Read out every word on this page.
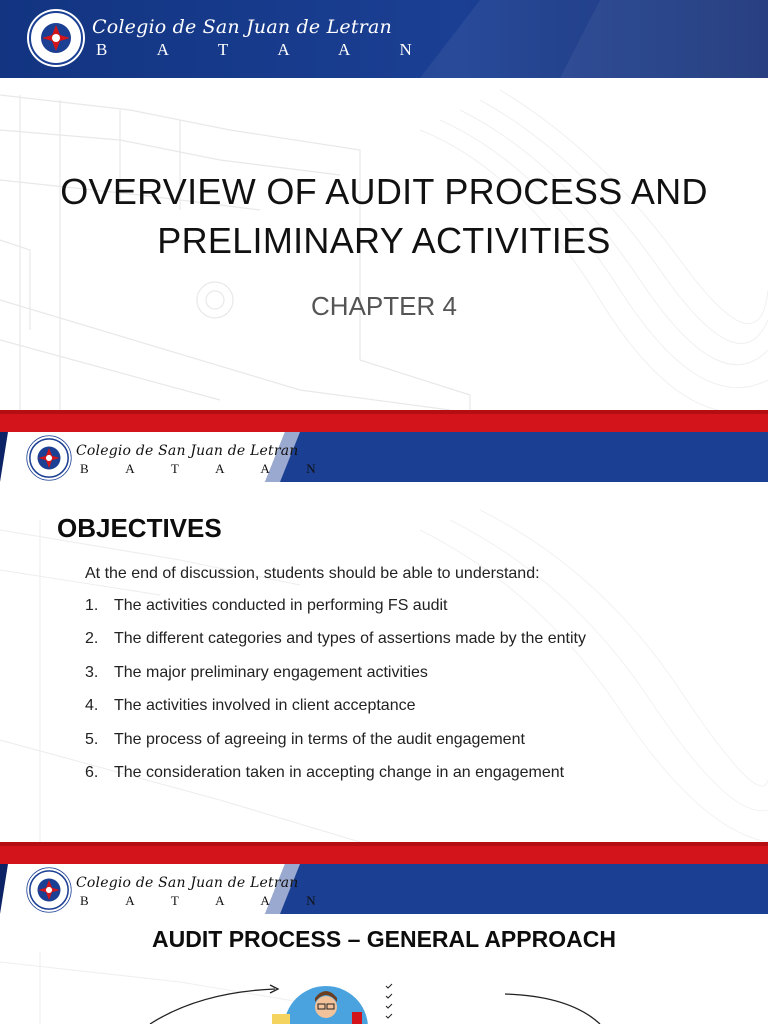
Colegio de San Juan de Letran
B A T A A N
OVERVIEW OF AUDIT PROCESS AND
PRELIMINARY ACTIVITIES
CHAPTER 4
Colegio de San Juan de Letran
B A T A A N
OBJECTIVES
At the end of discussion, students should be able to understand:
1. The activities conducted in performing FS audit
2. The different categories and types of assertions made by the entity
3. The major preliminary engagement activities
4. The activities involved in client acceptance
5. The process of agreeing in terms of the audit engagement
6. The consideration taken in accepting change in an engagement
Colegio de San Juan de Letran
B A T A A N
AUDIT PROCESS – GENERAL APPROACH
